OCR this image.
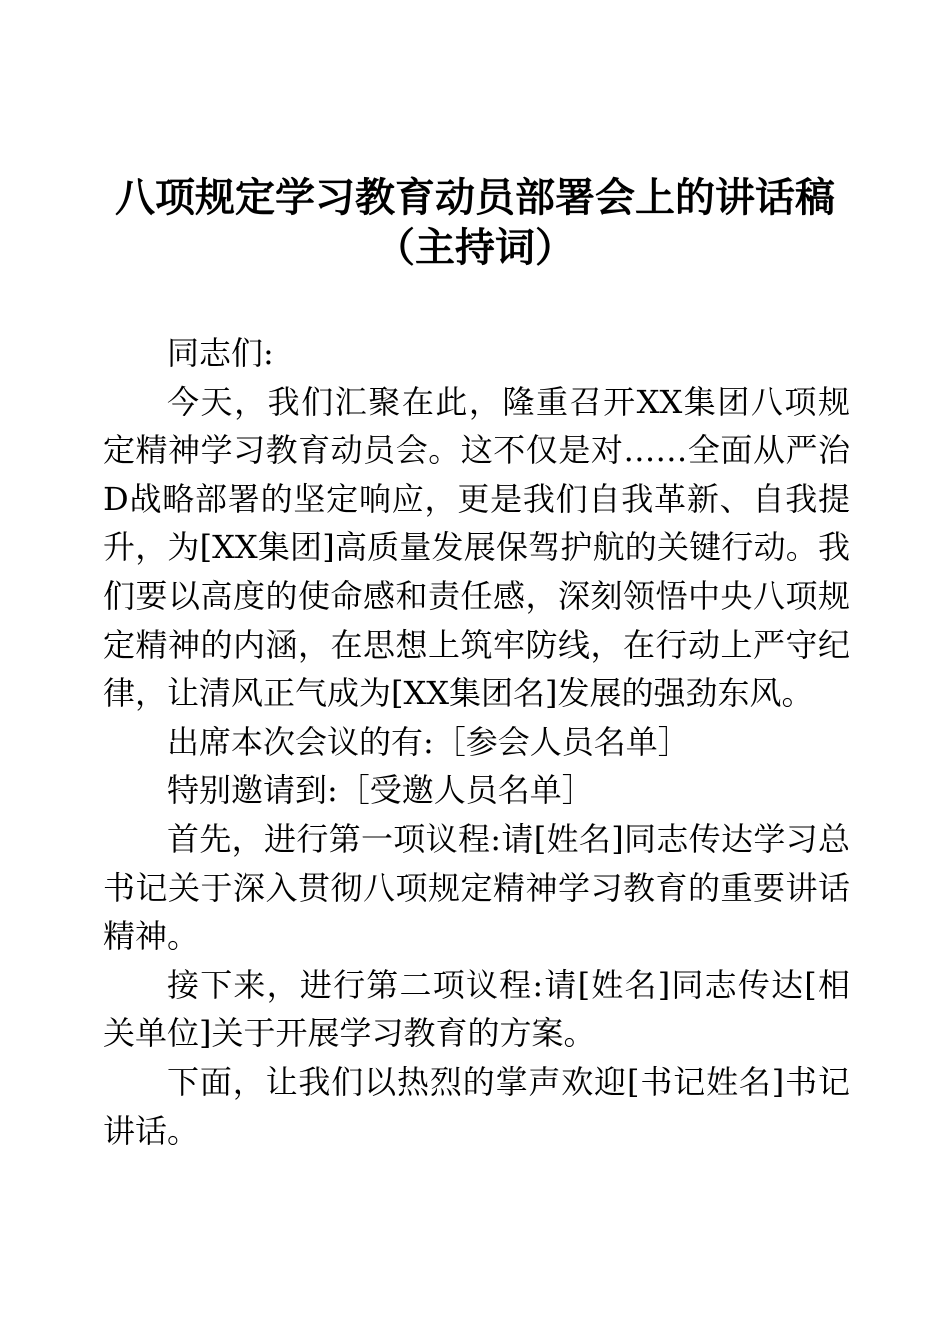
八项规定学习教育动员部署会上的讲话稿
（主持词）

同志们:

今天，我们汇聚在此，隆重召开XX集团八项规定精神学习教育动员会。这不仅是对……全面从严治D战略部署的坚定响应，更是我们自我革新、自我提升，为[XX集团]高质量发展保驾护航的关键行动。我们要以高度的使命感和责任感，深刻领悟中央八项规定精神的内涵，在思想上筑牢防线，在行动上严守纪律，让清风正气成为[XX集团名]发展的强劲东风。

出席本次会议的有:［参会人员名单］

特别邀请到:［受邀人员名单］

首先，进行第一项议程:请[姓名]同志传达学习总书记关于深入贯彻八项规定精神学习教育的重要讲话精神。

接下来，进行第二项议程:请[姓名]同志传达[相关单位]关于开展学习教育的方案。

下面，让我们以热烈的掌声欢迎[书记姓名]书记讲话。
